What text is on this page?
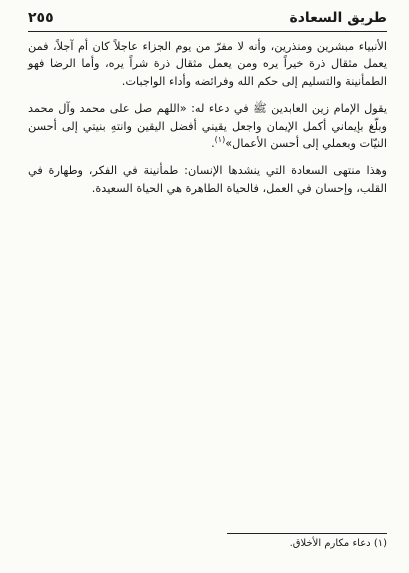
طريق السعادة
٢٥٥

الأنبياء مبشرين ومنذرين، وأنه لا مفرّ من يوم الجزاء عاجلاً كان أم آجلاً، فمن يعمل مثقال ذرة خيراً يره ومن يعمل مثقال ذرة شراً يره، وأما الرضا فهو الطمأنينة والتسليم إلى حكم الله وفرائضه وأداء الواجبات.

يقول الإمام زين العابدين ﷺ في دعاء له: «اللهم صل على محمد وآل محمد وبلّغ بإيماني أكمل الإيمان واجعل يقيني أفضل اليقين وانتهِ بنيتي إلى أحسن النيّات وبعملي إلى أحسن الأعمال»$^{(١)}$.

وهذا منتهى السعادة التي ينشدها الإنسان: طمأنينة في الفكر، وطهارة في القلب، وإحسان في العمل، فالحياة الطاهرة هي الحياة السعيدة.

(١) دعاء مكارم الأخلاق.
